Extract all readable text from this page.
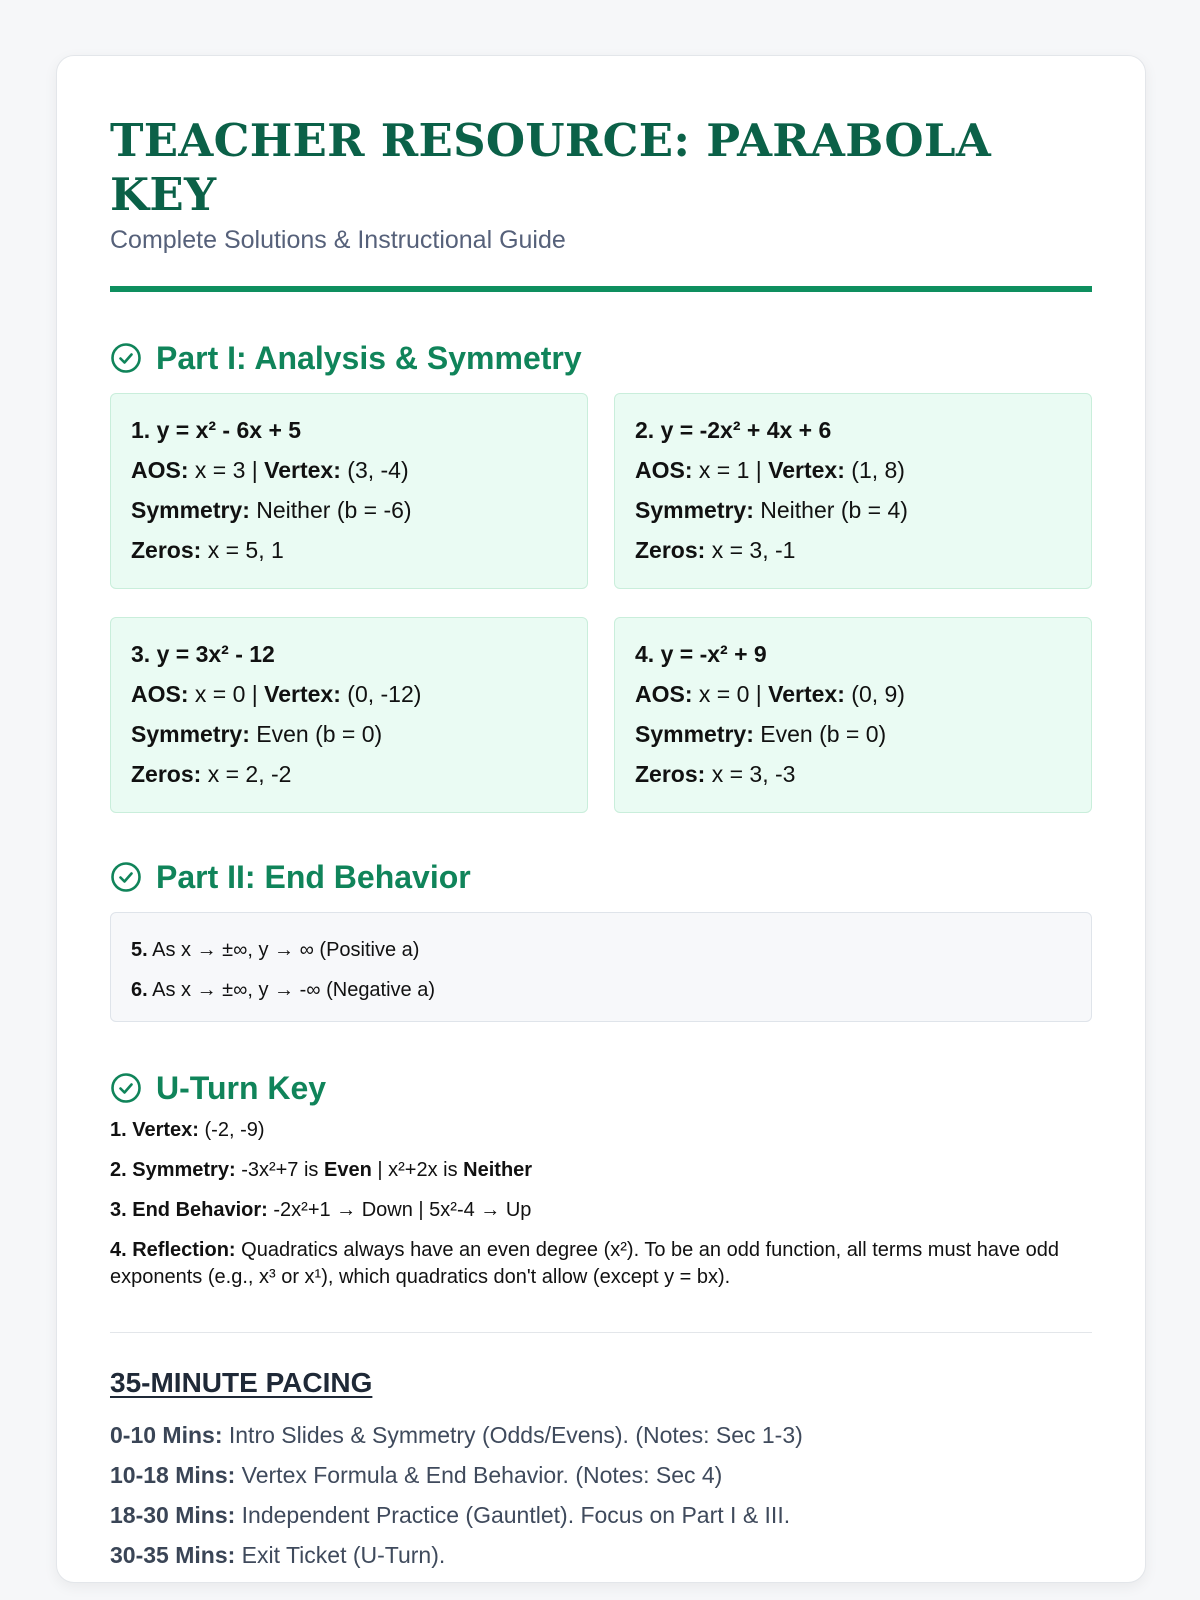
TEACHER RESOURCE: PARABOLA KEY
Complete Solutions & Instructional Guide
Part I: Analysis & Symmetry
1. y = x² - 6x + 5
AOS: x = 3 | Vertex: (3, -4)
Symmetry: Neither (b = -6)
Zeros: x = 5, 1
2. y = -2x² + 4x + 6
AOS: x = 1 | Vertex: (1, 8)
Symmetry: Neither (b = 4)
Zeros: x = 3, -1
3. y = 3x² - 12
AOS: x = 0 | Vertex: (0, -12)
Symmetry: Even (b = 0)
Zeros: x = 2, -2
4. y = -x² + 9
AOS: x = 0 | Vertex: (0, 9)
Symmetry: Even (b = 0)
Zeros: x = 3, -3
Part II: End Behavior
5. As x → ±∞, y → ∞ (Positive a)
6. As x → ±∞, y → -∞ (Negative a)
U-Turn Key
1. Vertex: (-2, -9)
2. Symmetry: -3x²+7 is Even | x²+2x is Neither
3. End Behavior: -2x²+1 → Down | 5x²-4 → Up
4. Reflection: Quadratics always have an even degree (x²). To be an odd function, all terms must have odd exponents (e.g., x³ or x¹), which quadratics don't allow (except y = bx).
35-MINUTE PACING
0-10 Mins: Intro Slides & Symmetry (Odds/Evens). (Notes: Sec 1-3)
10-18 Mins: Vertex Formula & End Behavior. (Notes: Sec 4)
18-30 Mins: Independent Practice (Gauntlet). Focus on Part I & III.
30-35 Mins: Exit Ticket (U-Turn).
